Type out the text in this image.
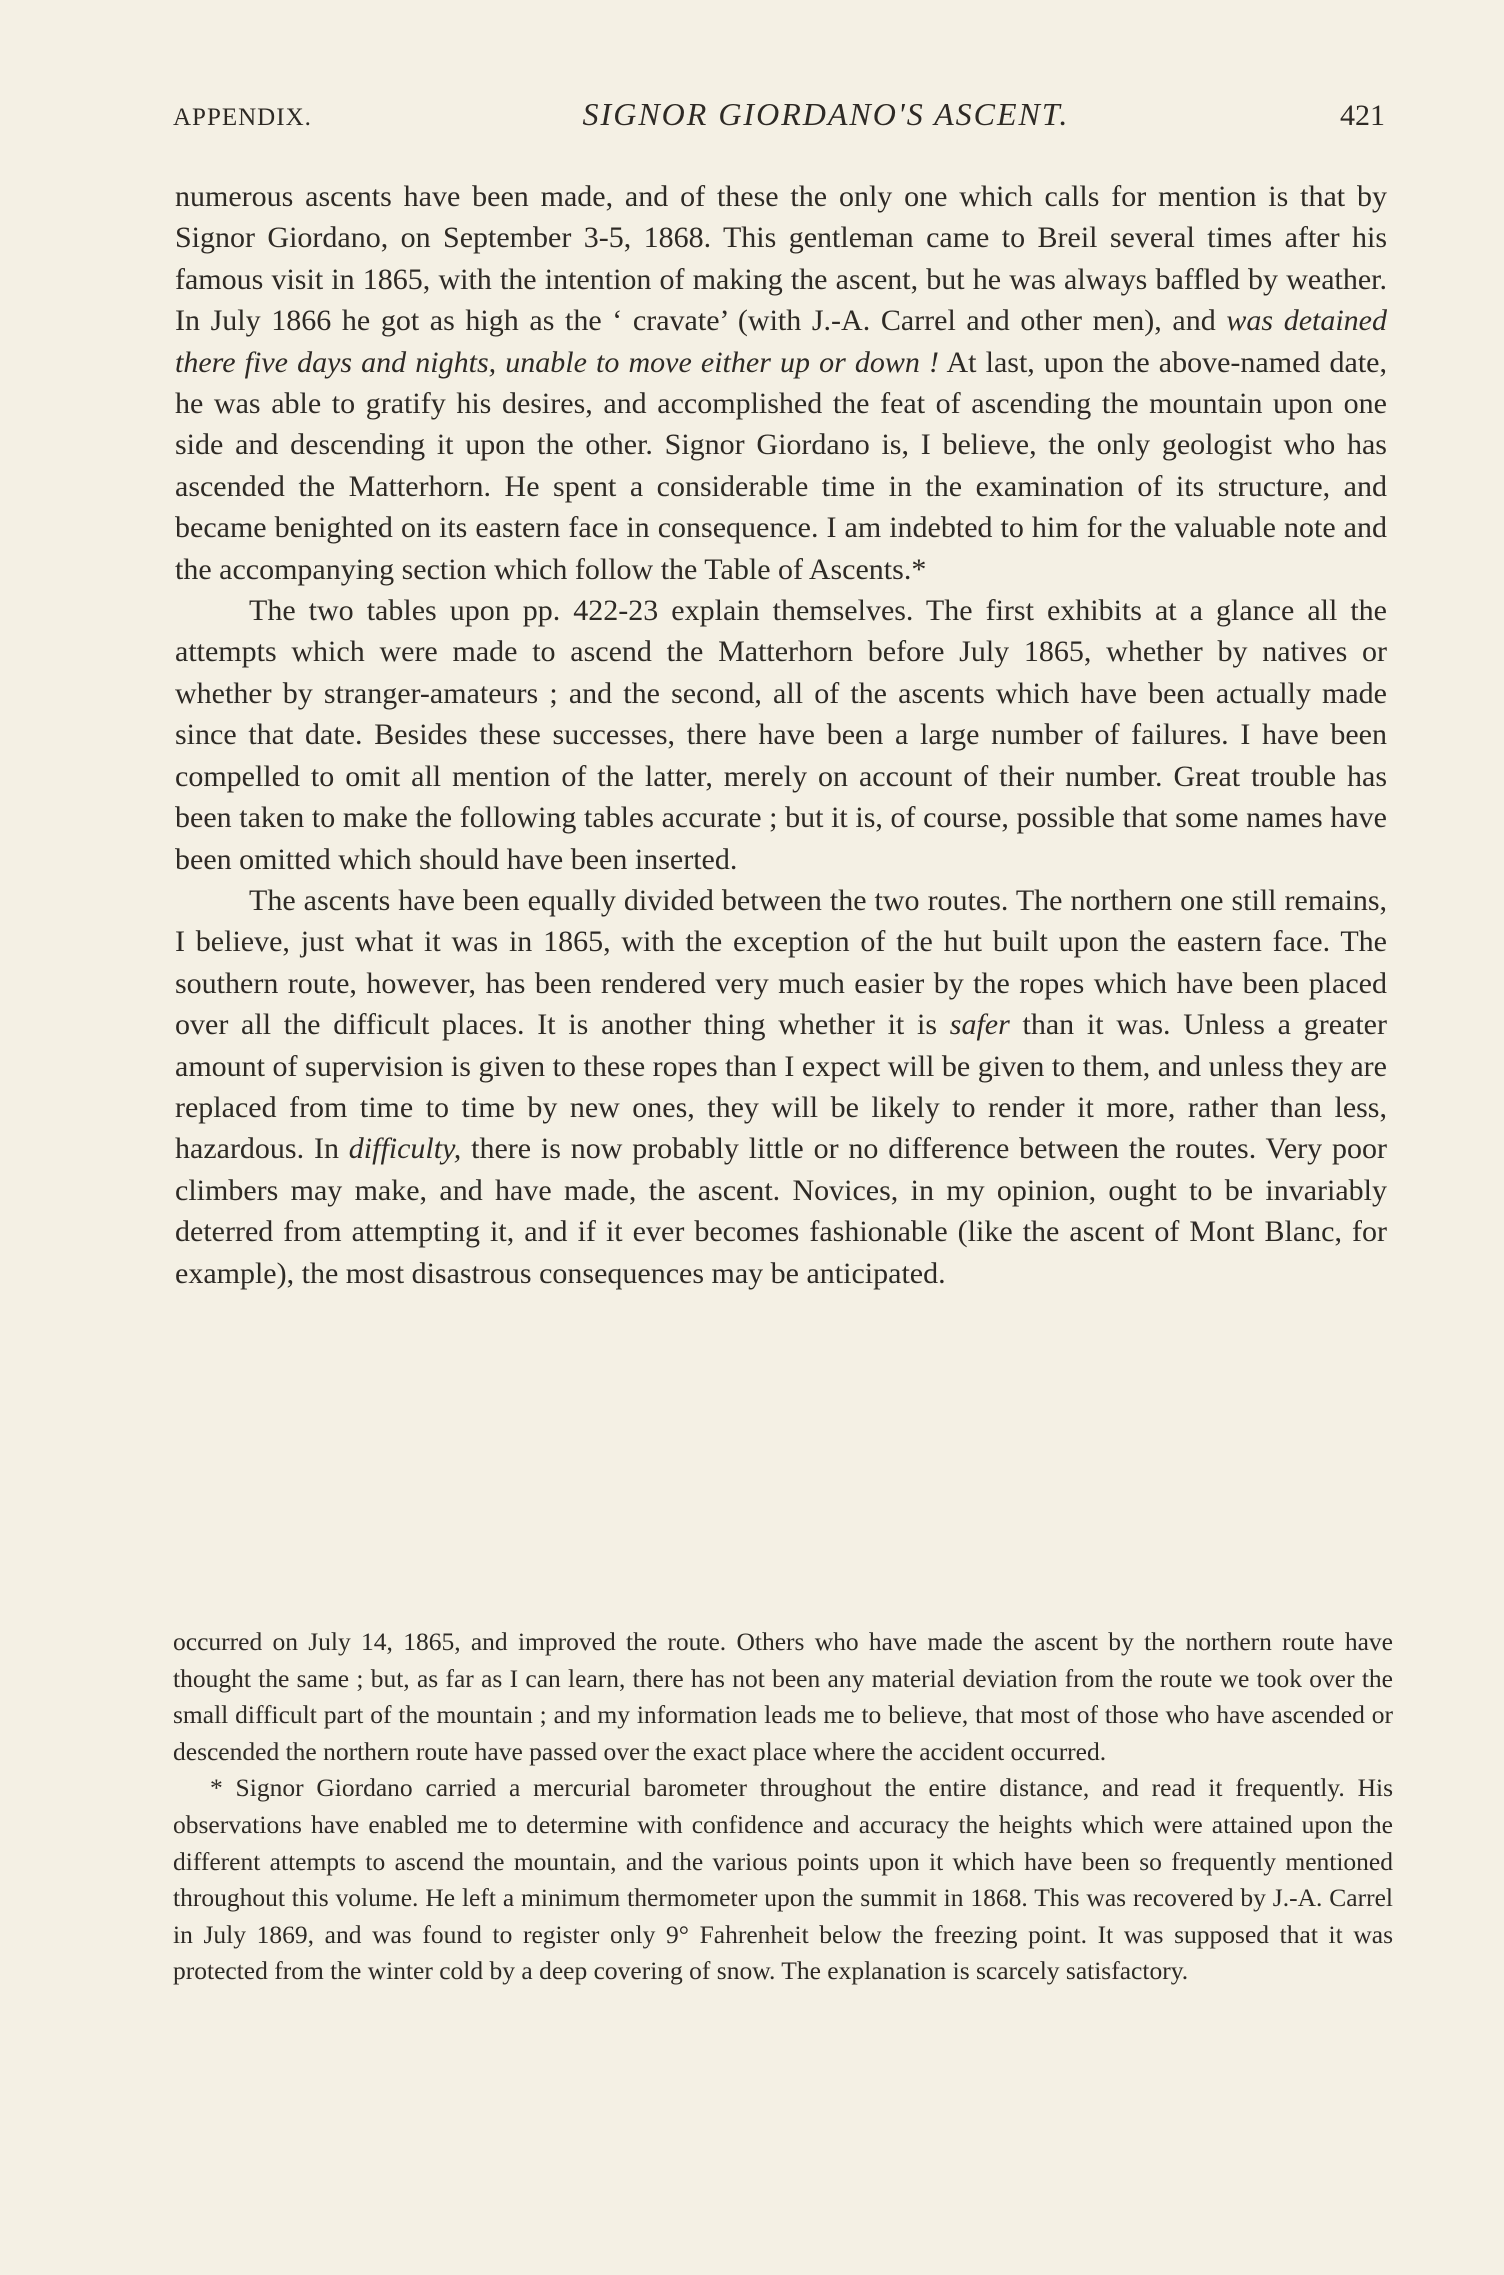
APPENDIX.	SIGNOR GIORDANO'S ASCENT.	421

numerous ascents have been made, and of these the only one which calls for mention is that by Signor Giordano, on September 3-5, 1868. This gentleman came to Breil several times after his famous visit in 1865, with the intention of making the ascent, but he was always baffled by weather. In July 1866 he got as high as the ‘ cravate’ (with J.-A. Carrel and other men), and was detained there five days and nights, unable to move either up or down ! At last, upon the above-named date, he was able to gratify his desires, and accomplished the feat of ascending the mountain upon one side and descending it upon the other. Signor Giordano is, I believe, the only geologist who has ascended the Matterhorn. He spent a considerable time in the examination of its structure, and became benighted on its eastern face in consequence. I am indebted to him for the valuable note and the accompanying section which follow the Table of Ascents.*

The two tables upon pp. 422-23 explain themselves. The first exhibits at a glance all the attempts which were made to ascend the Matterhorn before July 1865, whether by natives or whether by stranger-amateurs ; and the second, all of the ascents which have been actually made since that date. Besides these successes, there have been a large number of failures. I have been compelled to omit all mention of the latter, merely on account of their number. Great trouble has been taken to make the following tables accurate ; but it is, of course, possible that some names have been omitted which should have been inserted.

The ascents have been equally divided between the two routes. The northern one still remains, I believe, just what it was in 1865, with the exception of the hut built upon the eastern face. The southern route, however, has been rendered very much easier by the ropes which have been placed over all the difficult places. It is another thing whether it is safer than it was. Unless a greater amount of supervision is given to these ropes than I expect will be given to them, and unless they are replaced from time to time by new ones, they will be likely to render it more, rather than less, hazardous. In difficulty, there is now probably little or no difference between the routes. Very poor climbers may make, and have made, the ascent. Novices, in my opinion, ought to be invariably deterred from attempting it, and if it ever becomes fashionable (like the ascent of Mont Blanc, for example), the most disastrous consequences may be anticipated.

occurred on July 14, 1865, and improved the route. Others who have made the ascent by the northern route have thought the same ; but, as far as I can learn, there has not been any material deviation from the route we took over the small difficult part of the mountain ; and my information leads me to believe, that most of those who have ascended or descended the northern route have passed over the exact place where the accident occurred.

* Signor Giordano carried a mercurial barometer throughout the entire distance, and read it frequently. His observations have enabled me to determine with confidence and accuracy the heights which were attained upon the different attempts to ascend the mountain, and the various points upon it which have been so frequently mentioned throughout this volume. He left a minimum thermometer upon the summit in 1868. This was recovered by J.-A. Carrel in July 1869, and was found to register only 9° Fahrenheit below the freezing point. It was supposed that it was protected from the winter cold by a deep covering of snow. The explanation is scarcely satisfactory.
